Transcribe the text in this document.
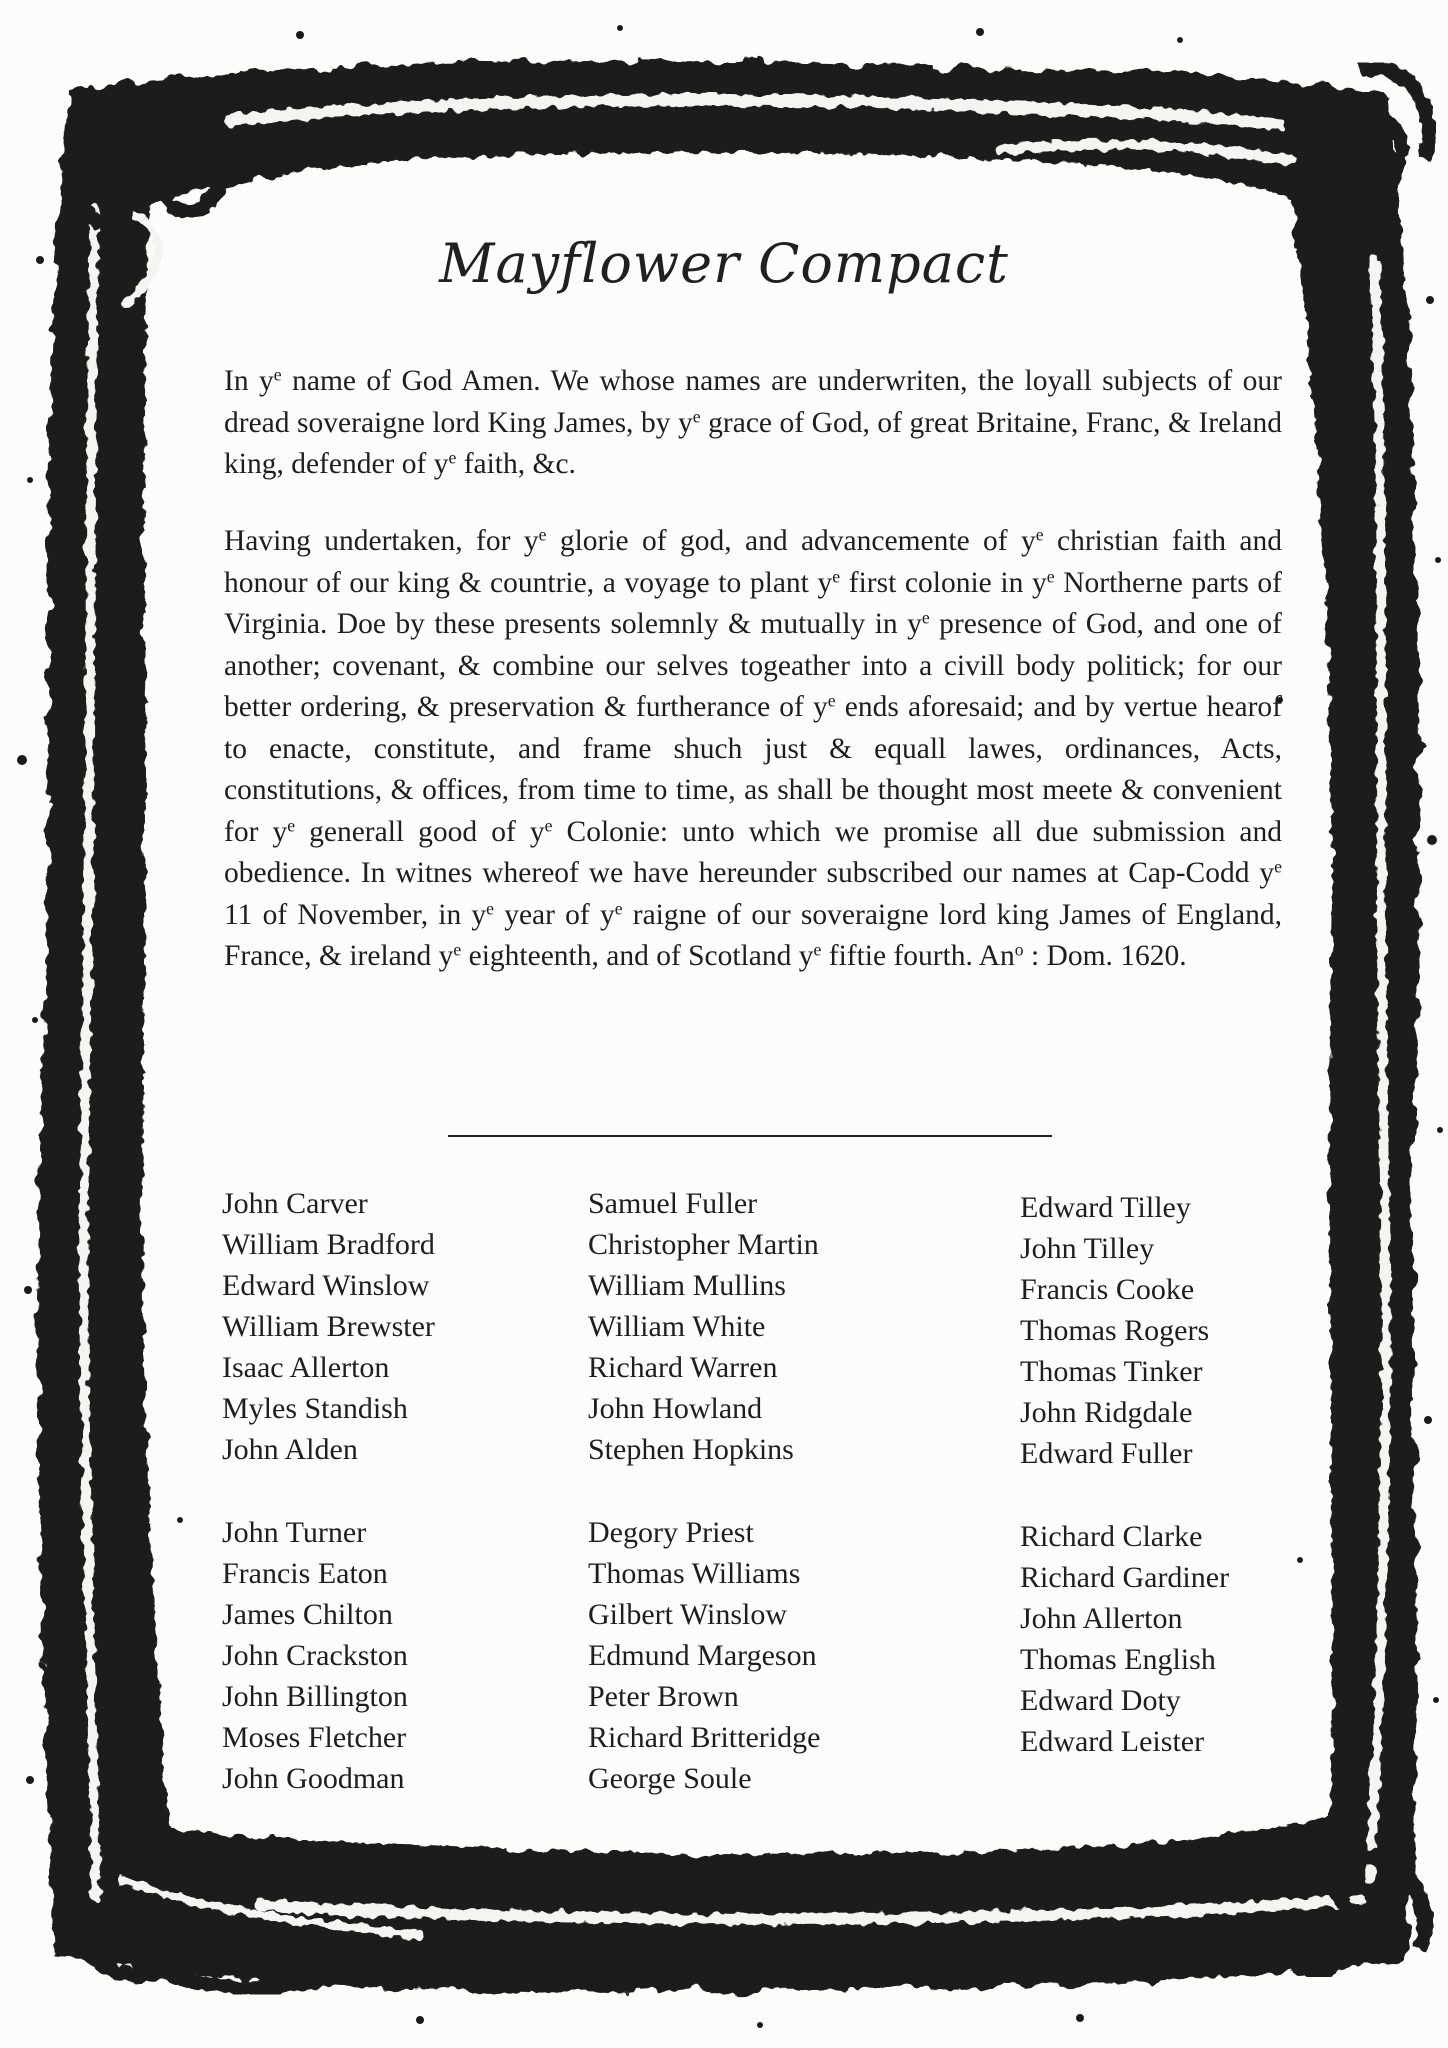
Mayflower Compact

In $y^e$ name of God Amen. We whose names are underwriten, the loyall subjects of our dread soveraigne lord King James, by $y^e$ grace of God, of great Britaine, Franc, & Ireland king, defender of $y^e$ faith, &c.

Having undertaken, for $y^e$ glorie of god, and advancemente of $y^e$ christian faith and honour of our king & countrie, a voyage to plant $y^e$ first colonie in $y^e$ Northerne parts of Virginia. Doe by these presents solemnly & mutually in $y^e$ presence of God, and one of another; covenant, & combine our selves togeather into a civill body politick; for our better ordering, & preservation & furtherance of $y^e$ ends aforesaid; and by vertue hearof to enacte, constitute, and frame shuch just & equall lawes, ordinances, Acts, constitutions, & offices, from time to time, as shall be thought most meete & convenient for $y^e$ generall good of $y^e$ Colonie: unto which we promise all due submission and obedience. In witnes whereof we have hereunder subscribed our names at Cap-Codd $y^e$ 11 of November, in $y^e$ year of $y^e$ raigne of our soveraigne lord king James of England, France, & ireland $y^e$ eighteenth, and of Scotland $y^e$ fiftie fourth. An$^o$ : Dom. 1620.

John Carver
William Bradford
Edward Winslow
William Brewster
Isaac Allerton
Myles Standish
John Alden
Samuel Fuller
Christopher Martin
William Mullins
William White
Richard Warren
John Howland
Stephen Hopkins
Edward Tilley
John Tilley
Francis Cooke
Thomas Rogers
Thomas Tinker
John Ridgdale
Edward Fuller
John Turner
Francis Eaton
James Chilton
John Crackston
John Billington
Moses Fletcher
John Goodman
Degory Priest
Thomas Williams
Gilbert Winslow
Edmund Margeson
Peter Brown
Richard Britteridge
George Soule
Richard Clarke
Richard Gardiner
John Allerton
Thomas English
Edward Doty
Edward Leister
